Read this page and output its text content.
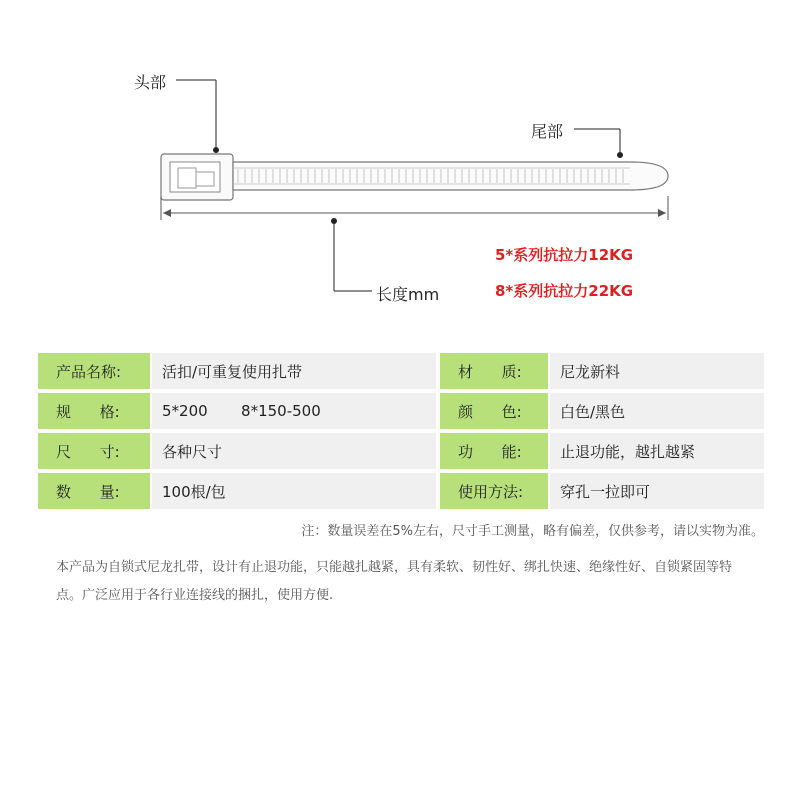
头部
尾部
长度mm
5*系列抗拉力12KG
8*系列抗拉力22KG
产品名称:	活扣/可重复使用扎带	材      质:	尼龙新料
规      格:	5*200       8*150-500	颜      色:	白色/黑色
尺      寸:	各种尺寸	功      能:	止退功能，越扎越紧
数      量:	100根/包	使用方法: 穿孔一拉即可
注：数量误差在5%左右，尺寸手工测量，略有偏差，仅供参考，请以实物为准。
本产品为自锁式尼龙扎带，设计有止退功能，只能越扎越紧，具有柔软、韧性好、绑扎快速、绝缘性好、自锁紧固等特点。广泛应用于各行业连接线的捆扎，使用方便.
